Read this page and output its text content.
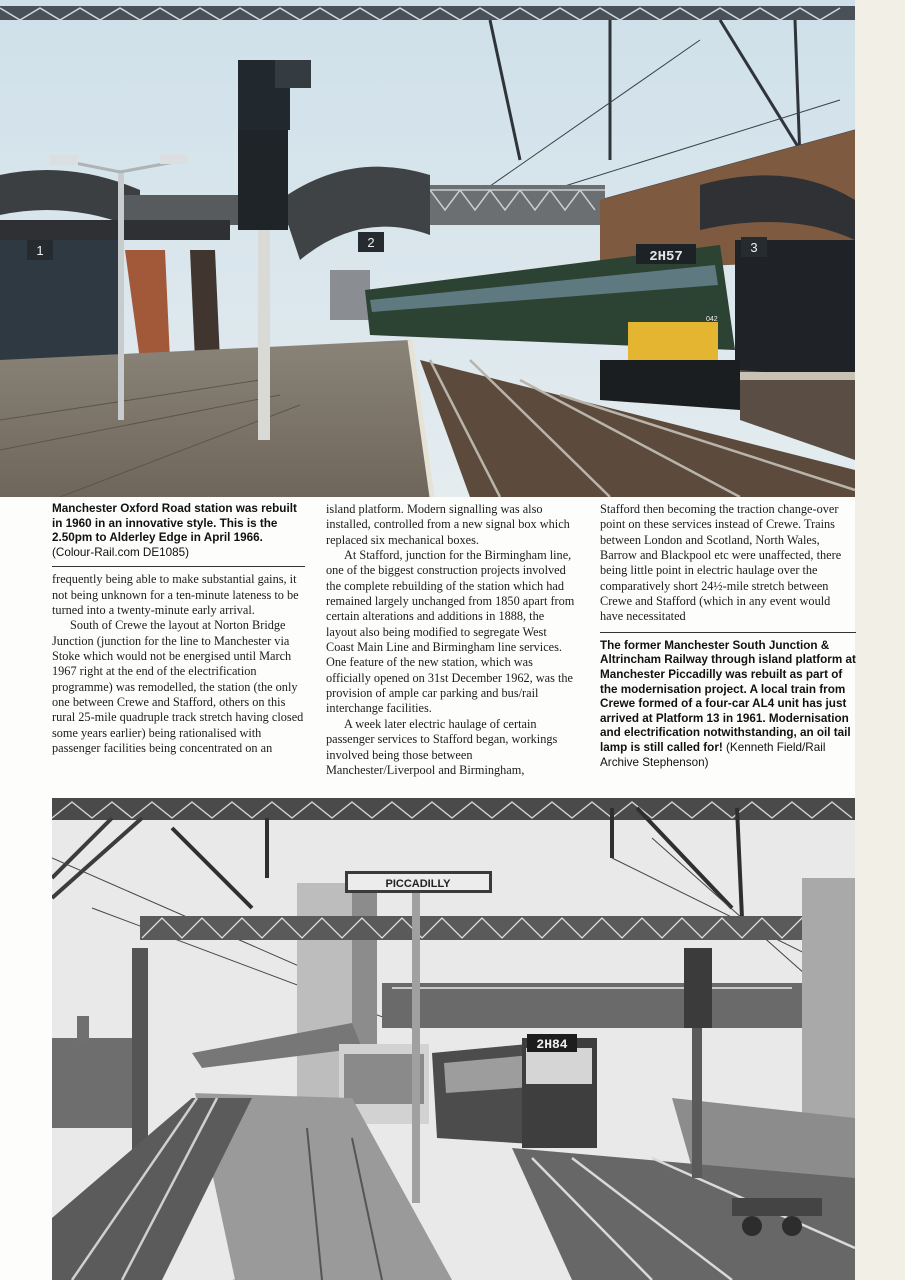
2H57
042
1
2	3
Manchester Oxford Road station was rebuilt in 1960 in an innovative style. This is the 2.50pm to Alderley Edge in April 1966. (Colour-Rail.com DE1085)

frequently being able to make substantial gains, it not being unknown for a ten-minute lateness to be turned into a twenty-minute early arrival.

South of Crewe the layout at Norton Bridge Junction (junction for the line to Manchester via Stoke which would not be energised until March 1967 right at the end of the electrification programme) was remodelled, the station (the only one between Crewe and Stafford, others on this rural 25-mile quadruple track stretch having closed some years earlier) being rationalised with passenger facilities being concentrated on an

island platform. Modern signalling was also installed, controlled from a new signal box which replaced six mechanical boxes.

At Stafford, junction for the Birmingham line, one of the biggest construction projects involved the complete rebuilding of the station which had remained largely unchanged from 1850 apart from certain alterations and additions in 1888, the layout also being modified to segregate West Coast Main Line and Birmingham line services. One feature of the new station, which was officially opened on 31st December 1962, was the provision of ample car parking and bus/rail interchange facilities.

A week later electric haulage of certain passenger services to Stafford began, workings involved being those between Manchester/Liverpool and Birmingham,

Stafford then becoming the traction change-over point on these services instead of Crewe. Trains between London and Scotland, North Wales, Barrow and Blackpool etc were unaffected, there being little point in electric haulage over the comparatively short 24½-mile stretch between Crewe and Stafford (which in any event would have necessitated

The former Manchester South Junction & Altrincham Railway through island platform at Manchester Piccadilly was rebuilt as part of the modernisation project. A local train from Crewe formed of a four-car AL4 unit has just arrived at Platform 13 in 1961. Modernisation and electrification notwithstanding, an oil tail lamp is still called for! (Kenneth Field/Rail Archive Stephenson)
PICCADILLY
2H84
